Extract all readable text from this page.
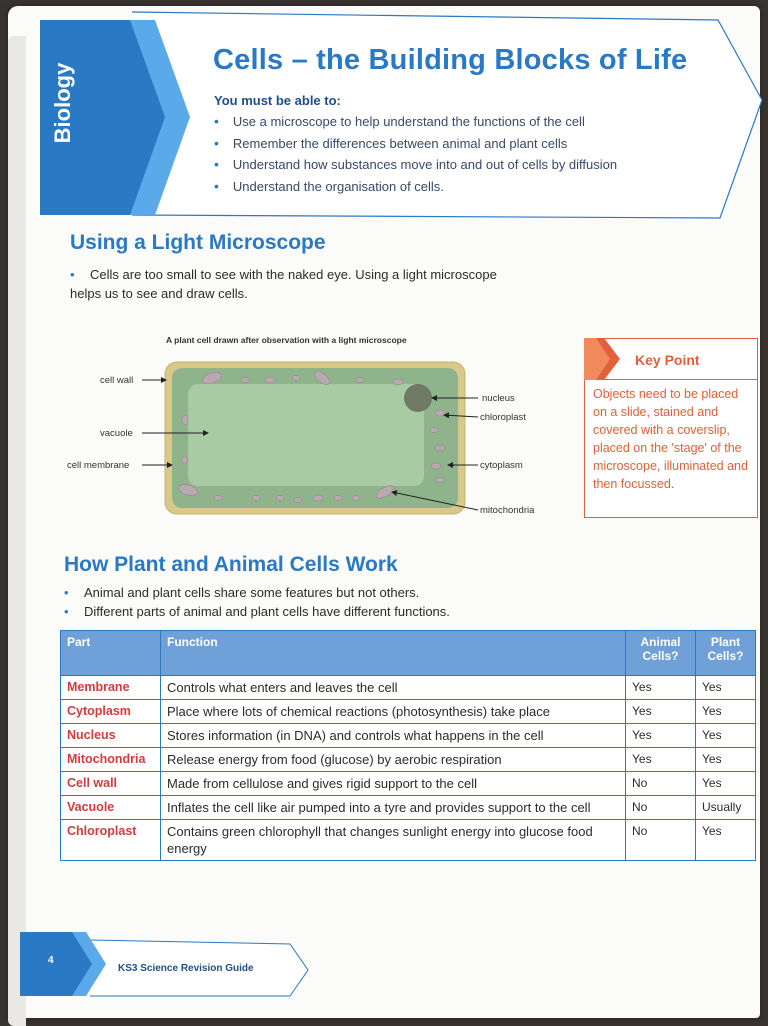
Biology
Cells – the Building Blocks of Life
You must be able to:
• Use a microscope to help understand the functions of the cell
• Remember the differences between animal and plant cells
• Understand how substances move into and out of cells by diffusion
• Understand the organisation of cells.
Using a Light Microscope
• Cells are too small to see with the naked eye. Using a light microscope helps us to see and draw cells.
A plant cell drawn after observation with a light microscope
cell wall
vacuole
cell membrane
nucleus
chloroplast
cytoplasm
mitochondria
Key Point
Objects need to be placed on a slide, stained and covered with a coverslip, placed on the 'stage' of the microscope, illuminated and then focussed.
How Plant and Animal Cells Work
• Animal and plant cells share some features but not others.
• Different parts of animal and plant cells have different functions.
Part	Function	Animal Cells?	Plant Cells?
Membrane	Controls what enters and leaves the cell	Yes	Yes
Cytoplasm	Place where lots of chemical reactions (photosynthesis) take place	Yes	Yes
Nucleus	Stores information (in DNA) and controls what happens in the cell	Yes	Yes
Mitochondria	Release energy from food (glucose) by aerobic respiration	Yes	Yes
Cell wall	Made from cellulose and gives rigid support to the cell	No	Yes
Vacuole	Inflates the cell like air pumped into a tyre and provides support to the cell	No	Usually
Chloroplast	Contains green chlorophyll that changes sunlight energy into glucose food energy	No	Yes
4
KS3 Science Revision Guide
